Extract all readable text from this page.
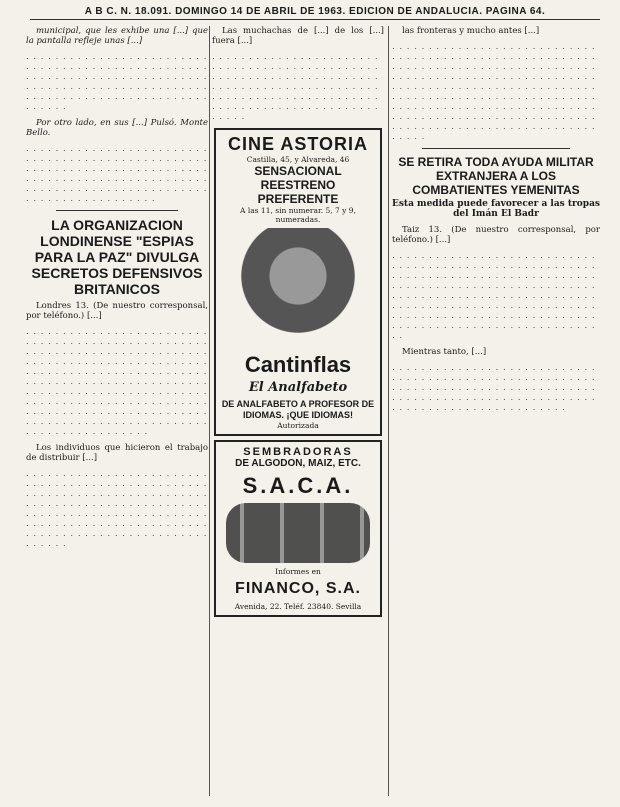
A B C. N. 18.091. DOMINGO 14 DE ABRIL DE 1963. EDICION DE ANDALUCIA. PAGINA 64.

municipal, que les exhibe una [...] que la pantalla refleje unas [...]

. . . . . . . . . . . . . . . . . . . . . . . . . . . . . . . . . . . . . . . . . . . . . . . . . . . . . . . . . . . . . . . . . . . . . . . . . . . . . . . . . . . . . . . . . . . . . . . . . . . . . . . . . . . . . . . . . . . . . . . . . . . . . . . . . . .

Por otro lado, en sus [...] Pulsó. Monte Bello.

. . . . . . . . . . . . . . . . . . . . . . . . . . . . . . . . . . . . . . . . . . . . . . . . . . . . . . . . . . . . . . . . . . . . . . . . . . . . . . . . . . . . . . . . . . . . . . . . . . . . . . . . . . . . . . . . . . . . . . . . . . . . . . . . . . . . . . . . . . . . . . .

LA ORGANIZACION LONDINENSE "ESPIAS PARA LA PAZ" DIVULGA SECRETOS DEFENSIVOS BRITANICOS

Londres 13. (De nuestro corresponsal, por teléfono.) [...]

. . . . . . . . . . . . . . . . . . . . . . . . . . . . . . . . . . . . . . . . . . . . . . . . . . . . . . . . . . . . . . . . . . . . . . . . . . . . . . . . . . . . . . . . . . . . . . . . . . . . . . . . . . . . . . . . . . . . . . . . . . . . . . . . . . . . . . . . . . . . . . . . . . . . . . . . . . . . . . . . . . . . . . . . . . . . . . . . . . . . . . . . . . . . . . . . . . . . . . . . . . . . . . . . . . . . . . . . . . . . . . . . . . . . . . . . . . . . . . . . . . . . . . . . . . . . . . . . . . . . . . . . . . .

Los individuos que hicieron el trabajo de distribuir [...]

. . . . . . . . . . . . . . . . . . . . . . . . . . . . . . . . . . . . . . . . . . . . . . . . . . . . . . . . . . . . . . . . . . . . . . . . . . . . . . . . . . . . . . . . . . . . . . . . . . . . . . . . . . . . . . . . . . . . . . . . . . . . . . . . . . . . . . . . . . . . . . . . . . . . . . . . . . . . . . . . . . . . . . . . . . . . . . . . . . . . .

Las muchachas de [...] de los [...] fuera [...]

. . . . . . . . . . . . . . . . . . . . . . . . . . . . . . . . . . . . . . . . . . . . . . . . . . . . . . . . . . . . . . . . . . . . . . . . . . . . . . . . . . . . . . . . . . . . . . . . . . . . . . . . . . . . . . . . . . . . . . . . . . . . . . . . . . . . . . . . . . . . . . .

CINE ASTORIA
Castilla, 45, y Alvareda, 46
SENSACIONAL REESTRENO PREFERENTE
A las 11, sin numerar. 5, 7 y 9, numeradas.
Cantinflas
El Analfabeto
DE ANALFABETO A PROFESOR DE IDIOMAS. ¡QUE IDIOMAS!
Autorizada
SEMBRADORAS
DE ALGODON, MAIZ, ETC.
S.A.C.A.
Informes en
FINANCO, S.A.
Avenida, 22. Teléf. 23840. Sevilla

las fronteras y mucho antes [...]

. . . . . . . . . . . . . . . . . . . . . . . . . . . . . . . . . . . . . . . . . . . . . . . . . . . . . . . . . . . . . . . . . . . . . . . . . . . . . . . . . . . . . . . . . . . . . . . . . . . . . . . . . . . . . . . . . . . . . . . . . . . . . . . . . . . . . . . . . . . . . . . . . . . . . . . . . . . . . . . . . . . . . . . . . . . . . . . . . . . . . . . . . . . . . . . . . . . . . . . . . . . . . . . . . . . . . . . . . . . . . . . . . . . . . . . . . . . . . . . . . . . . . . . . . . . . . . . . .

SE RETIRA TODA AYUDA MILITAR EXTRANJERA A LOS COMBATIENTES YEMENITAS
Esta medida puede favorecer a las tropas del Imán El Badr

Taiz 13. (De nuestro corresponsal, por teléfono.) [...]

. . . . . . . . . . . . . . . . . . . . . . . . . . . . . . . . . . . . . . . . . . . . . . . . . . . . . . . . . . . . . . . . . . . . . . . . . . . . . . . . . . . . . . . . . . . . . . . . . . . . . . . . . . . . . . . . . . . . . . . . . . . . . . . . . . . . . . . . . . . . . . . . . . . . . . . . . . . . . . . . . . . . . . . . . . . . . . . . . . . . . . . . . . . . . . . . . . . . . . . . . . . . . . . . . . . . . . . . . . . . . . . . . .

Mientras tanto, [...]

. . . . . . . . . . . . . . . . . . . . . . . . . . . . . . . . . . . . . . . . . . . . . . . . . . . . . . . . . . . . . . . . . . . . . . . . . . . . . . . . . . . . . . . . . . . . . . . . . . . . . . . . . . . . . . . . . . . . . . . . . . . . . . . . . . . . . . . .
